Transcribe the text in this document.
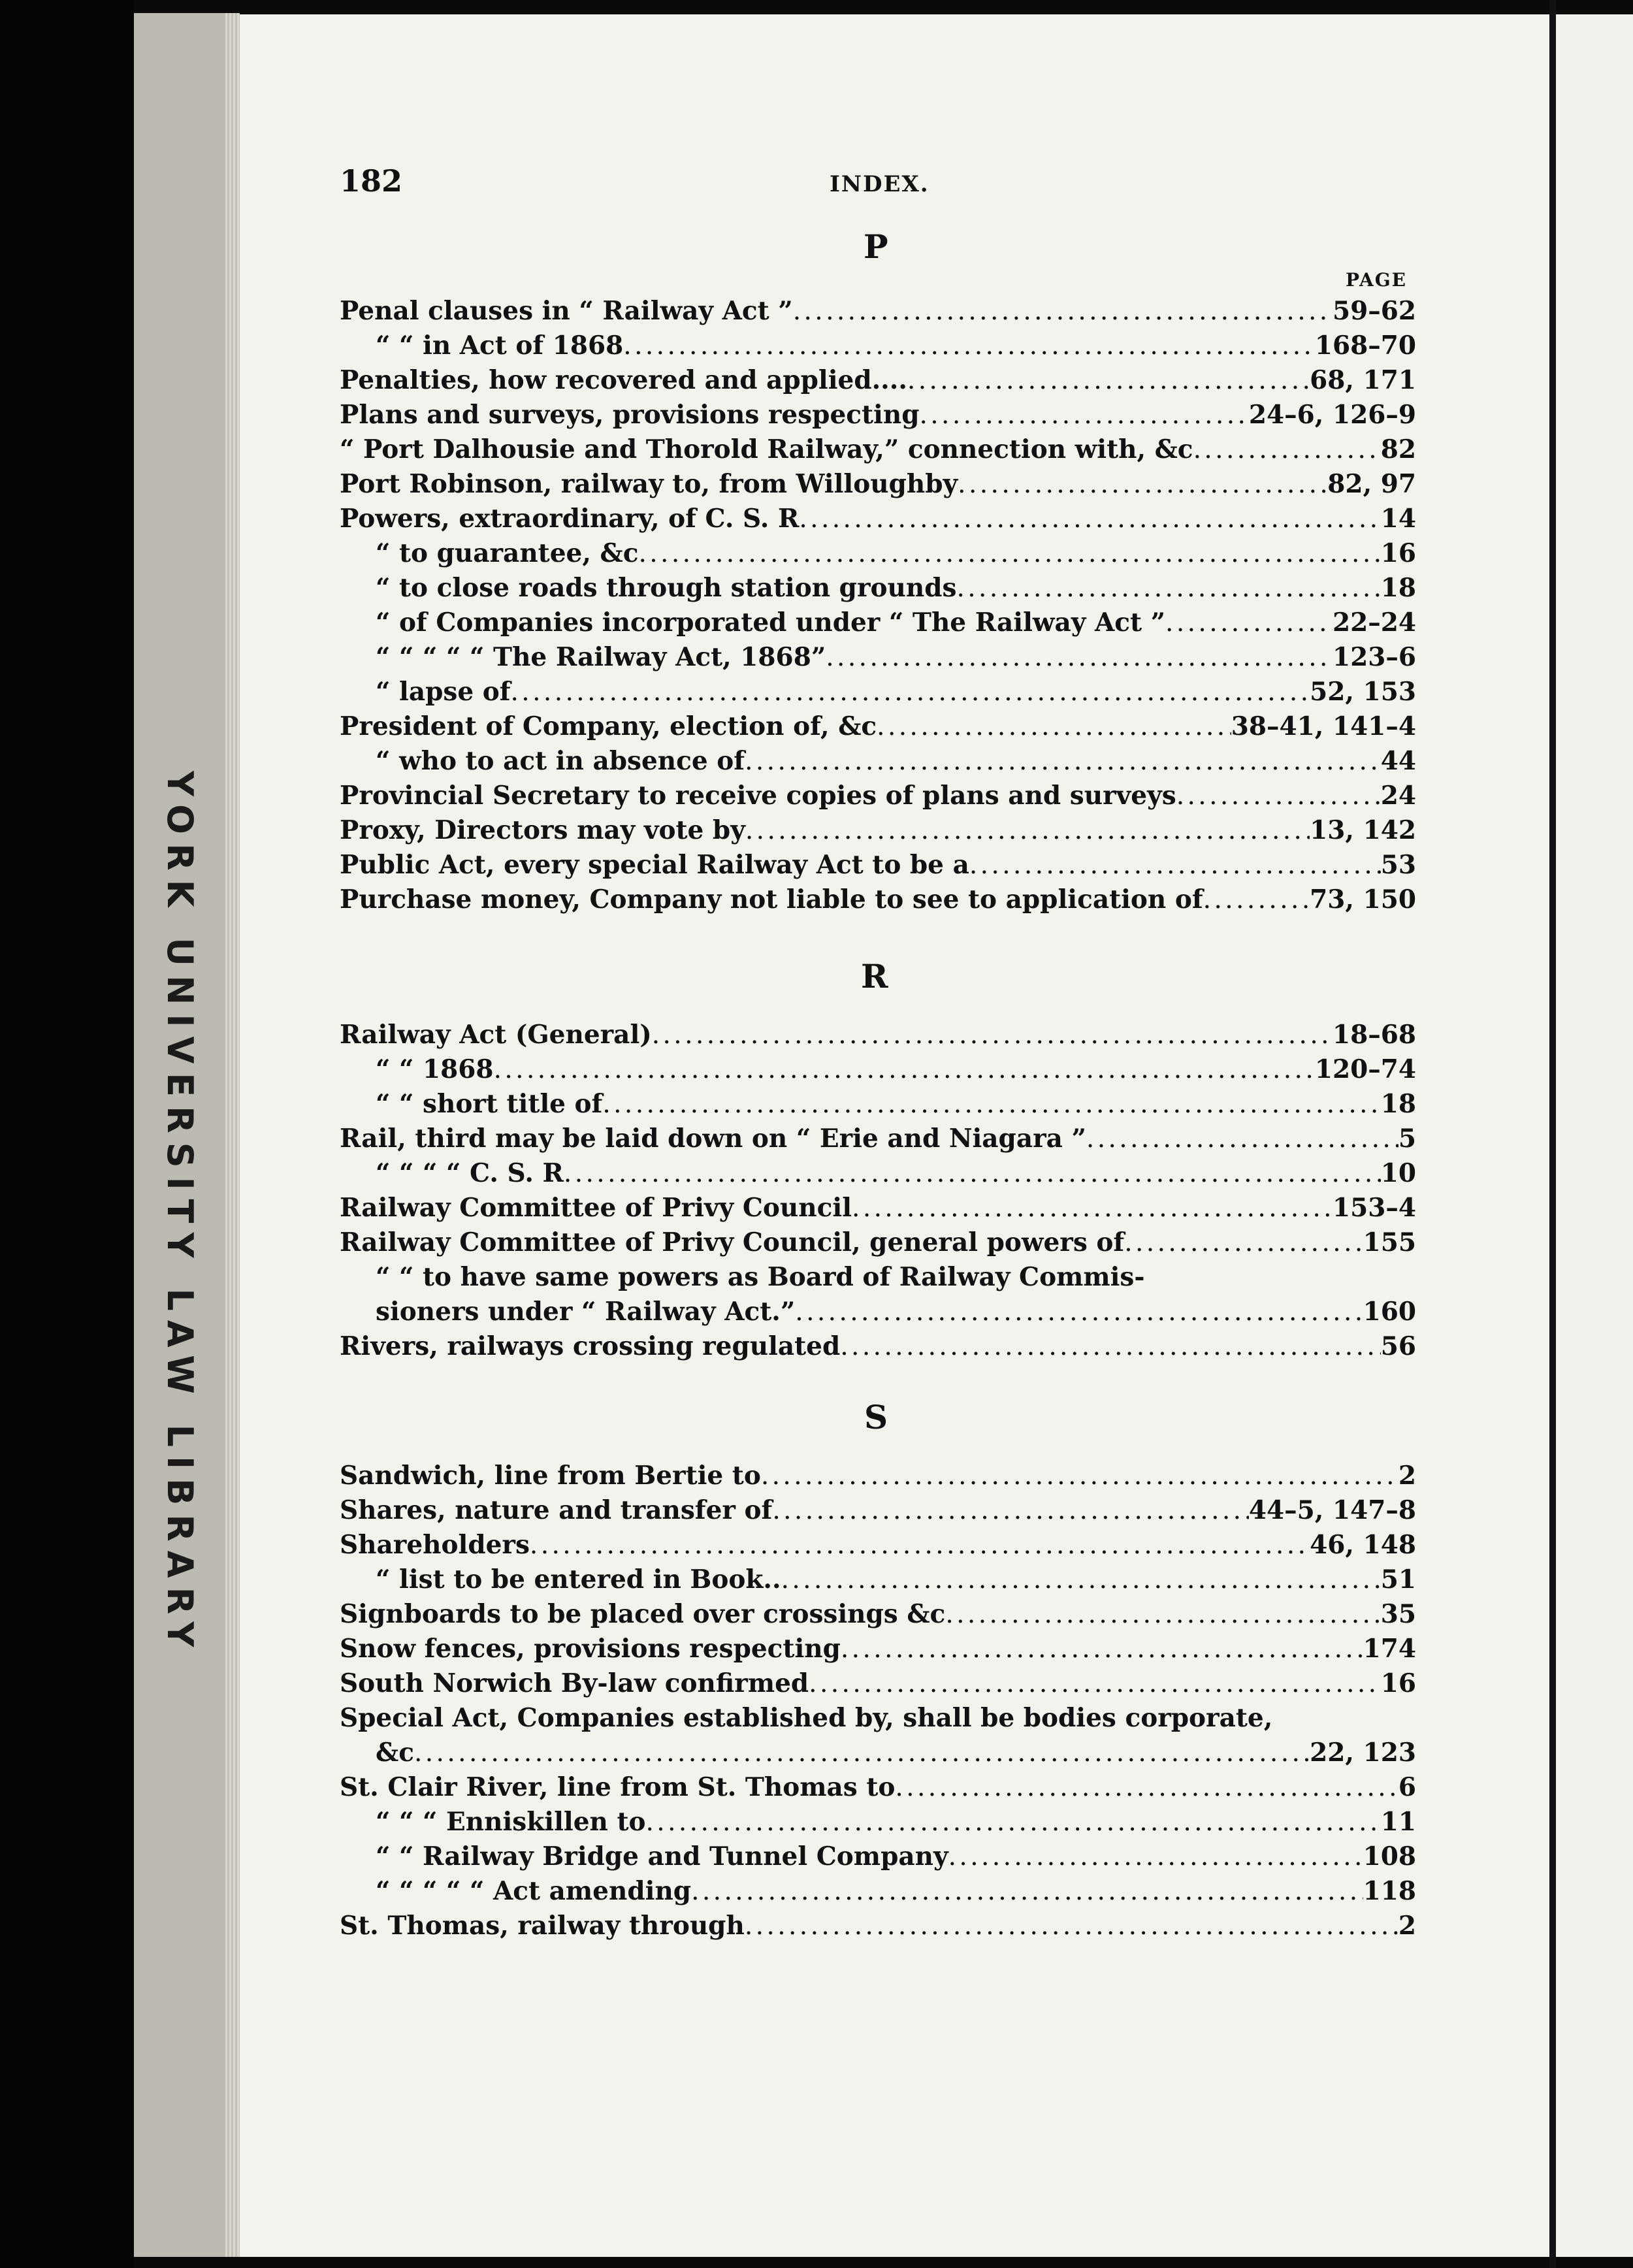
YORK UNIVERSITY LAW LIBRARY
182	INDEX.
PAGE
P
Penal clauses in “ Railway Act ” . . .	59–62
“ “ in Act of 1868 . . .	168–70
Penalties, how recovered and applied.... . . .	68, 171
Plans and surveys, provisions respecting . . .	24–6, 126–9
“ Port Dalhousie and Thorold Railway,” connection with, &c . . .	82
Port Robinson, railway to, from Willoughby . . .	82, 97
Powers, extraordinary, of C. S. R . . .	14
“ to guarantee, &c . . .	16
“ to close roads through station grounds . . .	18
“ of Companies incorporated under “ The Railway Act ” . . .	22–24
“ “ “ “ “ The Railway Act, 1868” . . .	123–6
“ lapse of . . .	52, 153
President of Company, election of, &c . . .	38–41, 141–4
“ who to act in absence of . . .	44
Provincial Secretary to receive copies of plans and surveys . . .	24
Proxy, Directors may vote by . . .	13, 142
Public Act, every special Railway Act to be a . . .	53
Purchase money, Company not liable to see to application of . . .	73, 150
R
Railway Act (General) . . .	18–68
“ “ 1868 . . .	120–74
“ “ short title of . . .	18
Rail, third may be laid down on “ Erie and Niagara ” . . .	5
“ “ “ “ C. S. R . . .	10
Railway Committee of Privy Council . . .	153–4
Railway Committee of Privy Council, general powers of . . .	155
“ “ to have same powers as Board of Railway Commis-
sioners under “ Railway Act.” . . .	160
Rivers, railways crossing regulated . . .	56
S
Sandwich, line from Bertie to . . .	2
Shares, nature and transfer of . . .	44–5, 147–8
Shareholders . . .	46, 148
“ list to be entered in Book.. . . .	51
Signboards to be placed over crossings &c . . .	35
Snow fences, provisions respecting . . .	174
South Norwich By-law confirmed . . .	16
Special Act, Companies established by, shall be bodies corporate,
&c . . .	22, 123
St. Clair River, line from St. Thomas to . . .	6
“ “ “ Enniskillen to . . .	11
“ “ Railway Bridge and Tunnel Company . . .	108
“ “ “ “ “ Act amending . . .	118
St. Thomas, railway through . . .	2
